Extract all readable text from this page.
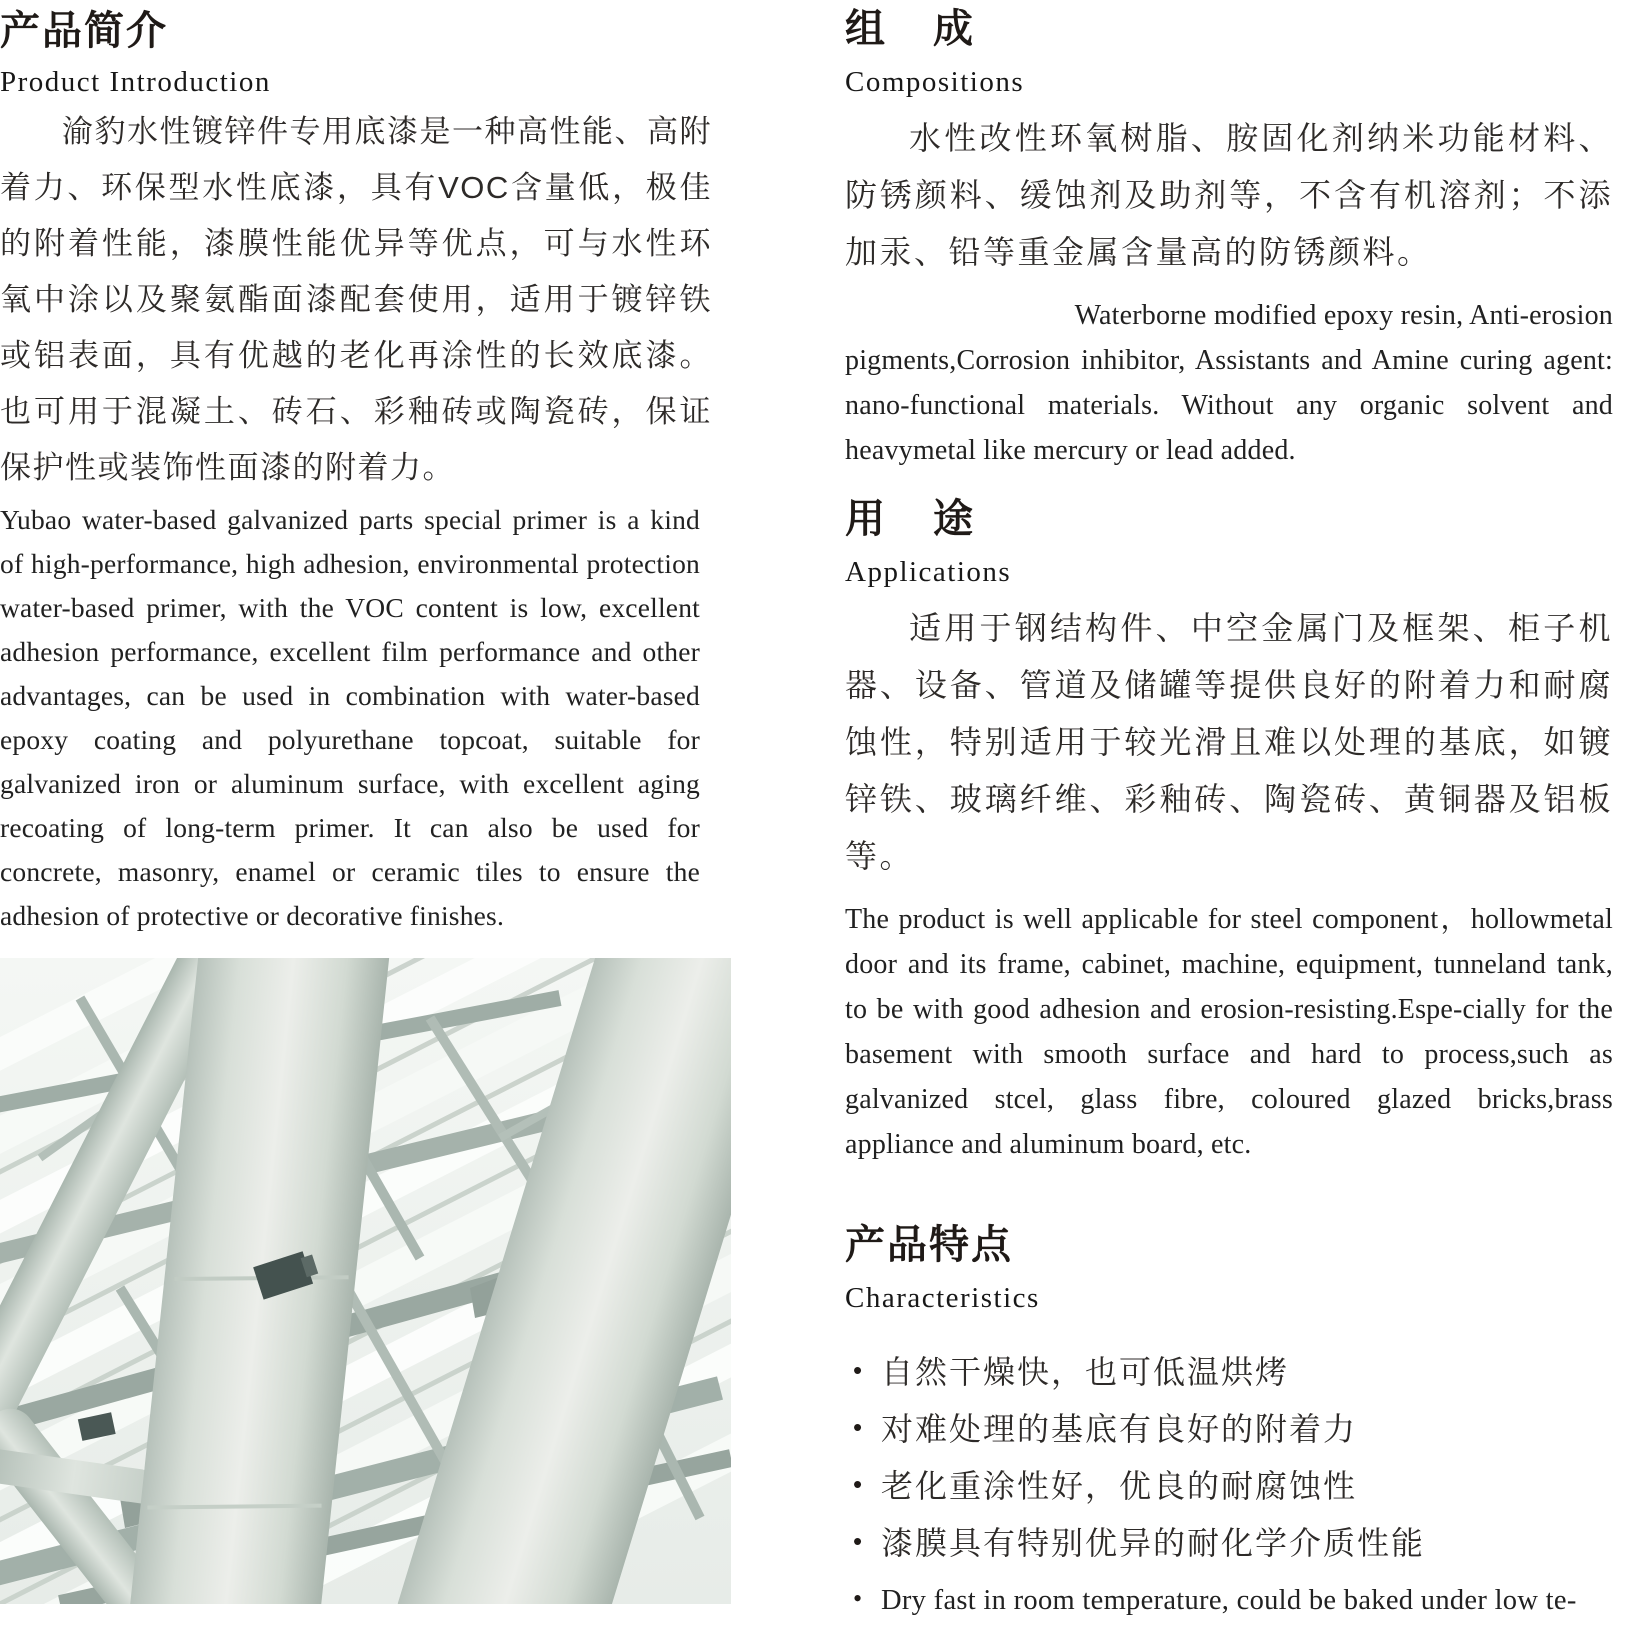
产品简介
Product Introduction

渝豹水性镀锌件专用底漆是一种高性能、高附着力、环保型水性底漆，具有VOC含量低，极佳的附着性能，漆膜性能优异等优点，可与水性环氧中涂以及聚氨酯面漆配套使用，适用于镀锌铁或铝表面，具有优越的老化再涂性的长效底漆。也可用于混凝土、砖石、彩釉砖或陶瓷砖，保证保护性或装饰性面漆的附着力。

Yubao water-based galvanized parts special primer is a kind of high-performance, high adhesion, environmental protection water-based primer, with the VOC content is low, excellent adhesion performance, excellent film performance and other advantages, can be used in combination with water-based epoxy coating and polyurethane topcoat, suitable for galvanized iron or aluminum surface, with excellent aging recoating of long-term primer. It can also be used for concrete, masonry, enamel or ceramic tiles to ensure the adhesion of protective or decorative finishes.

组　成
Compositions

水性改性环氧树脂、胺固化剂纳米功能材料、防锈颜料、缓蚀剂及助剂等，不含有机溶剂；不添加汞、铅等重金属含量高的防锈颜料。

Waterborne modified epoxy resin, Anti-erosion pigments,Corrosion inhibitor, Assistants and Amine curing agent: nano-functional materials. Without any organic solvent and heavymetal like mercury or lead added.

用　途
Applications

适用于钢结构件、中空金属门及框架、柜子机器、设备、管道及储罐等提供良好的附着力和耐腐蚀性，特别适用于较光滑且难以处理的基底，如镀锌铁、玻璃纤维、彩釉砖、陶瓷砖、黄铜器及铝板等。

The product is well applicable for steel component，hollowmetal door and its frame, cabinet, machine, equipment, tunneland tank, to be with good adhesion and erosion-resisting.Espe-cially for the basement with smooth surface and hard to process,such as galvanized stcel, glass fibre, coloured glazed bricks,brass appliance and aluminum board, etc.

产品特点
Characteristics

• 自然干燥快，也可低温烘烤

• 对难处理的基底有良好的附着力

• 老化重涂性好，优良的耐腐蚀性

• 漆膜具有特别优异的耐化学介质性能

• Dry fast in room temperature, could be baked under low te-
